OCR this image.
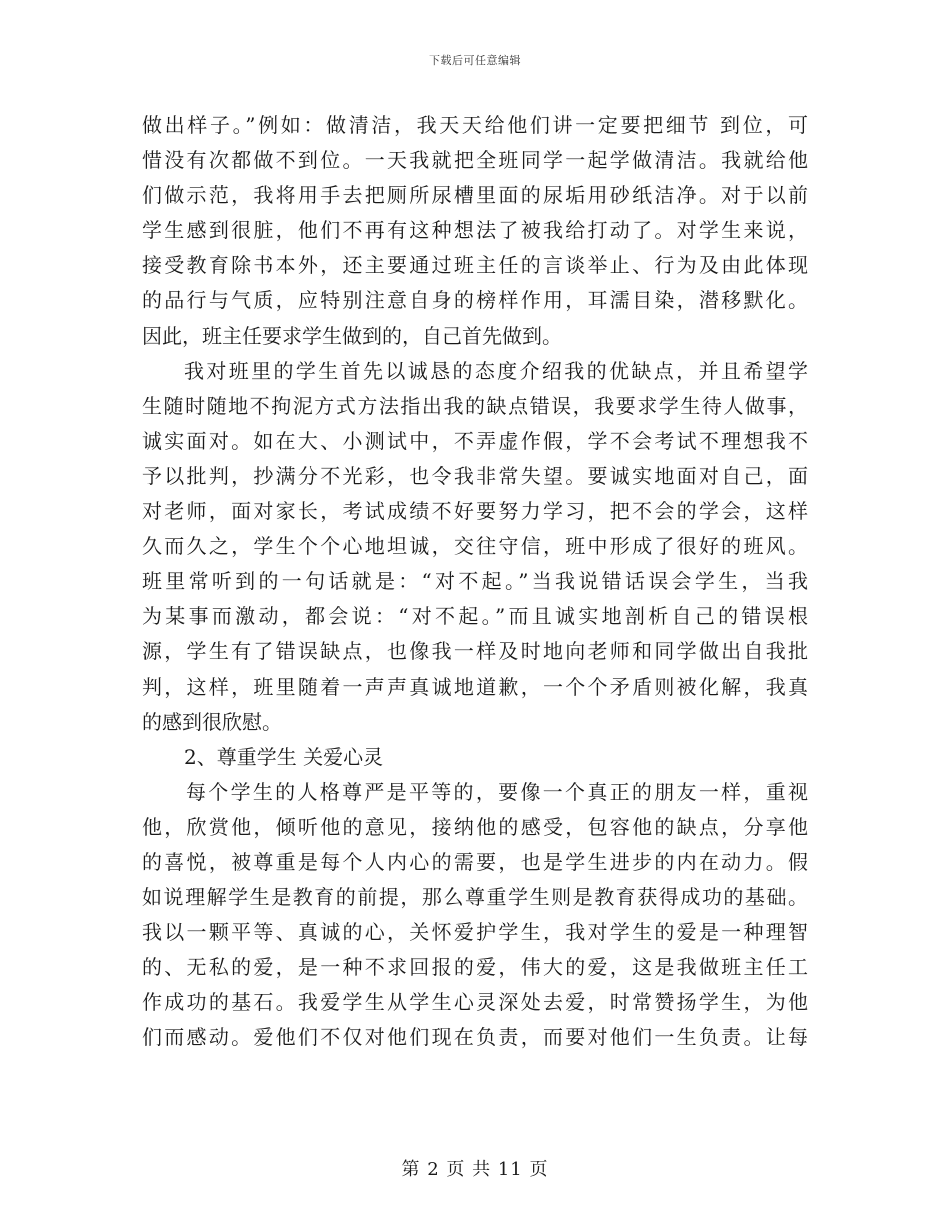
下载后可任意编辑
做出样子。”例如：做清洁，我天天给他们讲一定要把细节 到位，可
惜没有次都做不到位。一天我就把全班同学一起学做清洁。我就给他
们做示范，我将用手去把厕所尿槽里面的尿垢用砂纸洁净。对于以前
学生感到很脏，他们不再有这种想法了被我给打动了。对学生来说，
接受教育除书本外，还主要通过班主任的言谈举止、行为及由此体现
的品行与气质，应特别注意自身的榜样作用，耳濡目染，潜移默化。
因此，班主任要求学生做到的，自己首先做到。
我对班里的学生首先以诚恳的态度介绍我的优缺点，并且希望学
生随时随地不拘泥方式方法指出我的缺点错误，我要求学生待人做事，
诚实面对。如在大、小测试中，不弄虚作假，学不会考试不理想我不
予以批判，抄满分不光彩，也令我非常失望。要诚实地面对自己，面
对老师，面对家长，考试成绩不好要努力学习，把不会的学会，这样
久而久之，学生个个心地坦诚，交往守信，班中形成了很好的班风。
班里常听到的一句话就是：“对不起。”当我说错话误会学生，当我
为某事而激动，都会说：“对不起。”而且诚实地剖析自己的错误根
源，学生有了错误缺点，也像我一样及时地向老师和同学做出自我批
判，这样，班里随着一声声真诚地道歉，一个个矛盾则被化解，我真
的感到很欣慰。
2、尊重学生 关爱心灵
每个学生的人格尊严是平等的，要像一个真正的朋友一样，重视
他，欣赏他，倾听他的意见，接纳他的感受，包容他的缺点，分享他
的喜悦，被尊重是每个人内心的需要，也是学生进步的内在动力。假
如说理解学生是教育的前提，那么尊重学生则是教育获得成功的基础。
我以一颗平等、真诚的心，关怀爱护学生，我对学生的爱是一种理智
的、无私的爱，是一种不求回报的爱，伟大的爱，这是我做班主任工
作成功的基石。我爱学生从学生心灵深处去爱，时常赞扬学生，为他
们而感动。爱他们不仅对他们现在负责，而要对他们一生负责。让每
第 2 页 共 11 页
